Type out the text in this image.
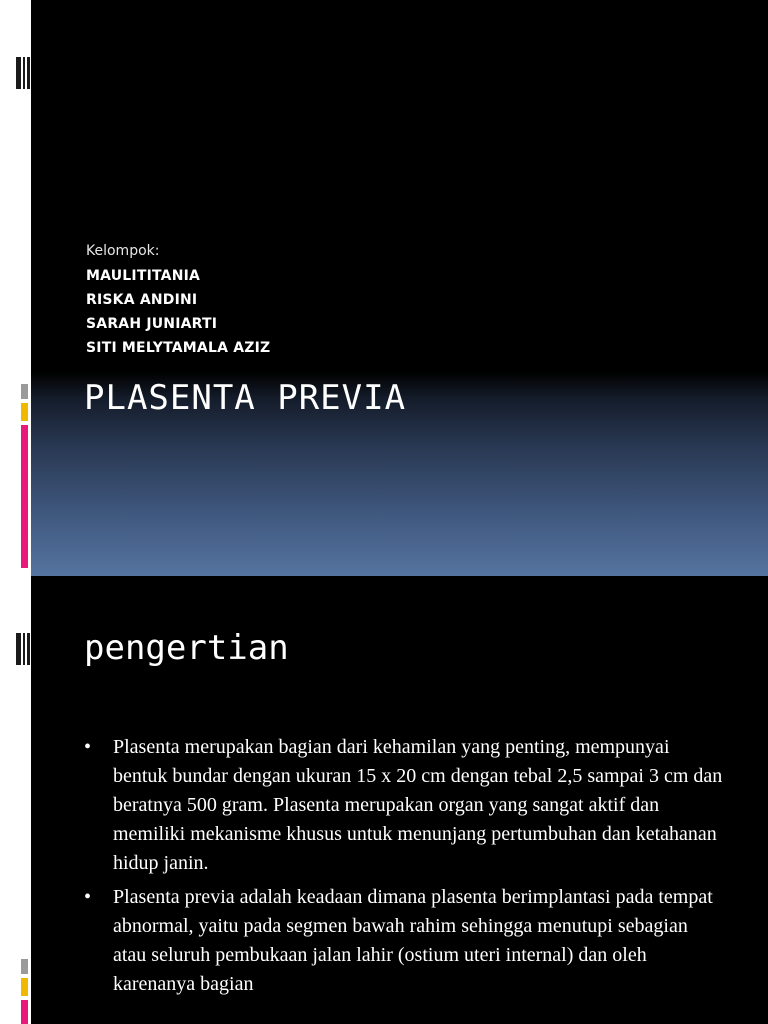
Kelompok:
MAULITITANIA
RISKA ANDINI
SARAH JUNIARTI
SITI MELYTAMALA AZIZ
PLASENTA PREVIA
pengertian
• Plasenta merupakan bagian dari kehamilan yang penting, mempunyai bentuk bundar dengan ukuran 15 x 20 cm dengan tebal 2,5 sampai 3 cm dan beratnya 500 gram. Plasenta merupakan organ yang sangat aktif dan memiliki mekanisme khusus untuk menunjang pertumbuhan dan ketahanan hidup janin.
• Plasenta previa adalah keadaan dimana plasenta berimplantasi pada tempat abnormal, yaitu pada segmen bawah rahim sehingga menutupi sebagian atau seluruh pembukaan jalan lahir (ostium uteri internal) dan oleh karenanya bagian
